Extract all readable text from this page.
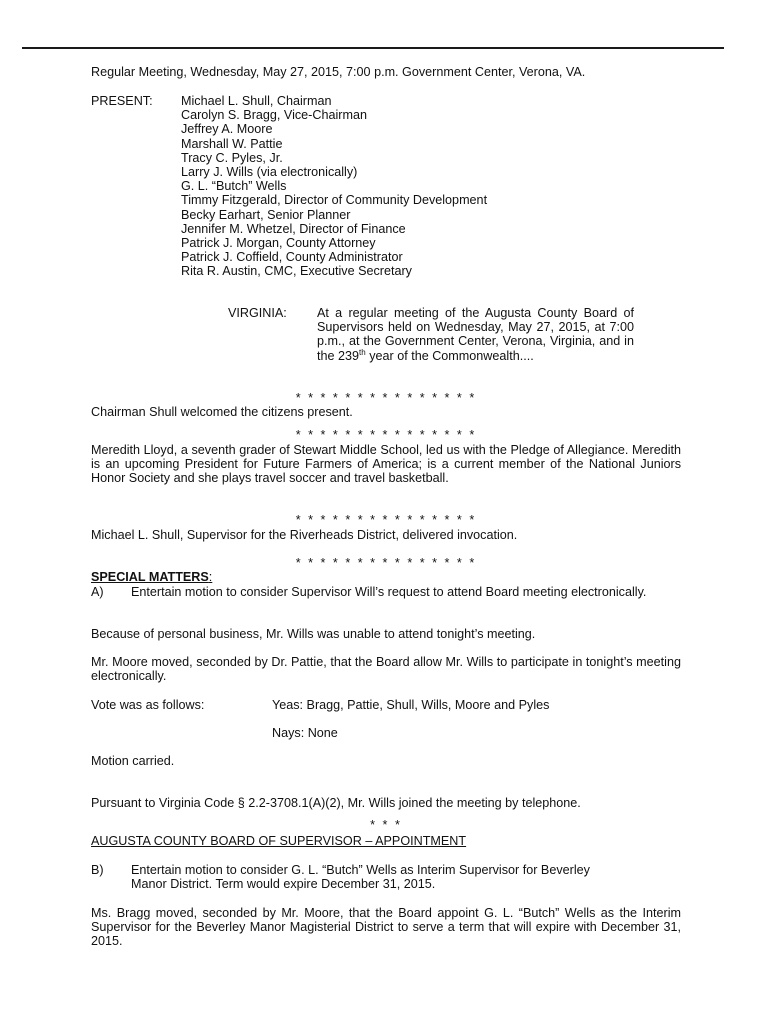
Regular Meeting, Wednesday, May 27, 2015, 7:00 p.m. Government Center, Verona, VA.

PRESENT: Michael L. Shull, Chairman
Carolyn S. Bragg, Vice-Chairman
Jeffrey A. Moore
Marshall W. Pattie
Tracy C. Pyles, Jr.
Larry J. Wills (via electronically)
G. L. “Butch” Wells
Timmy Fitzgerald, Director of Community Development
Becky Earhart, Senior Planner
Jennifer M. Whetzel, Director of Finance
Patrick J. Morgan, County Attorney
Patrick J. Coffield, County Administrator
Rita R. Austin, CMC, Executive Secretary
VIRGINIA: At a regular meeting of the Augusta County Board of Supervisors held on Wednesday, May 27, 2015, at 7:00 p.m., at the Government Center, Verona, Virginia, and in the 239th year of the Commonwealth....

* * * * * * * * * * * * * * *

Chairman Shull welcomed the citizens present.

* * * * * * * * * * * * * * *

Meredith Lloyd, a seventh grader of Stewart Middle School, led us with the Pledge of Allegiance. Meredith is an upcoming President for Future Farmers of America; is a current member of the National Juniors Honor Society and she plays travel soccer and travel basketball.

* * * * * * * * * * * * * * *

Michael L. Shull, Supervisor for the Riverheads District, delivered invocation.

* * * * * * * * * * * * * * *

SPECIAL MATTERS:
A) Entertain motion to consider Supervisor Will’s request to attend Board meeting electronically.

Because of personal business, Mr. Wills was unable to attend tonight’s meeting.

Mr. Moore moved, seconded by Dr. Pattie, that the Board allow Mr. Wills to participate in tonight’s meeting electronically.

Vote was as follows:	Yeas: Bragg, Pattie, Shull, Wills, Moore and Pyles
Nays: None

Motion carried.

Pursuant to Virginia Code § 2.2-3708.1(A)(2), Mr. Wills joined the meeting by telephone.

* * *

AUGUSTA COUNTY BOARD OF SUPERVISOR – APPOINTMENT
B) Entertain motion to consider G. L. “Butch” Wells as Interim Supervisor for Beverley
Manor District. Term would expire December 31, 2015.

Ms. Bragg moved, seconded by Mr. Moore, that the Board appoint G. L. “Butch” Wells as the Interim Supervisor for the Beverley Manor Magisterial District to serve a term that will expire with December 31, 2015.
